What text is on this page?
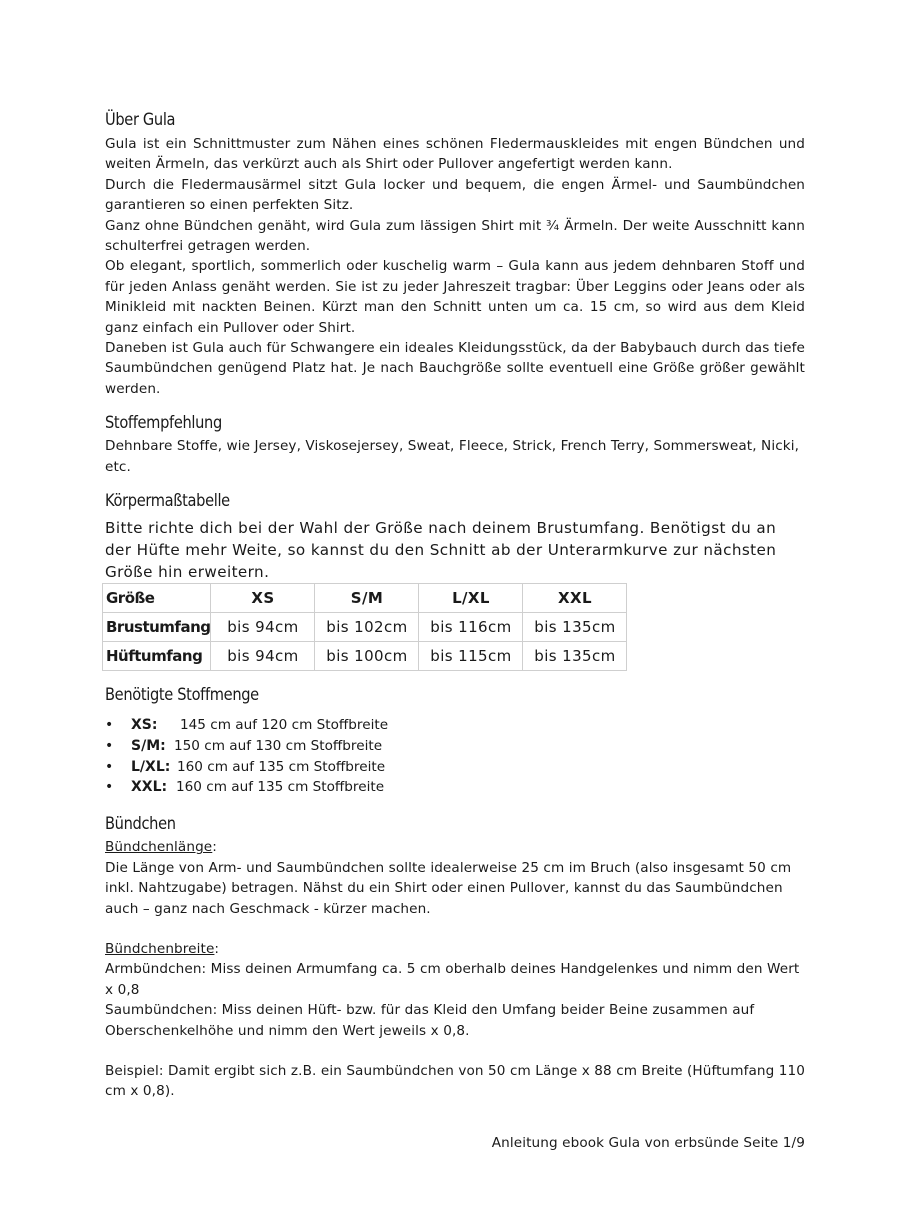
Über Gula

Gula ist ein Schnittmuster zum Nähen eines schönen Fledermauskleides mit engen Bündchen und weiten Ärmeln, das verkürzt auch als Shirt oder Pullover angefertigt werden kann.

Durch die Fledermausärmel sitzt Gula locker und bequem, die engen Ärmel- und Saumbündchen garantieren so einen perfekten Sitz.

Ganz ohne Bündchen genäht, wird Gula zum lässigen Shirt mit ¾ Ärmeln. Der weite Ausschnitt kann schulterfrei getragen werden.

Ob elegant, sportlich, sommerlich oder kuschelig warm – Gula kann aus jedem dehnbaren Stoff und für jeden Anlass genäht werden. Sie ist zu jeder Jahreszeit tragbar: Über Leggins oder Jeans oder als Minikleid mit nackten Beinen. Kürzt man den Schnitt unten um ca. 15 cm, so wird aus dem Kleid ganz einfach ein Pullover oder Shirt.

Daneben ist Gula auch für Schwangere ein ideales Kleidungsstück, da der Babybauch durch das tiefe Saumbündchen genügend Platz hat. Je nach Bauchgröße sollte eventuell eine Größe größer gewählt werden.

Stoffempfehlung

Dehnbare Stoffe, wie Jersey, Viskosejersey, Sweat, Fleece, Strick, French Terry, Sommersweat, Nicki, etc.

Körpermaßtabelle

Bitte richte dich bei der Wahl der Größe nach deinem Brustumfang. Benötigst du an der Hüfte mehr Weite, so kannst du den Schnitt ab der Unterarmkurve zur nächsten Größe hin erweitern.

Größe	XS	S/M	L/XL	XXL
Brustumfang	bis 94cm	bis 102cm	bis 116cm	bis 135cm
Hüftumfang	bis 94cm	bis 100cm	bis 115cm	bis 135cm
Benötigte Stoffmenge
•	XS:	145 cm auf 120 cm Stoffbreite
•	S/M: 150 cm auf 130 cm Stoffbreite
•	L/XL: 160 cm auf 135 cm Stoffbreite
•	XXL: 160 cm auf 135 cm Stoffbreite
Bündchen

Bündchenlänge:

Die Länge von Arm- und Saumbündchen sollte idealerweise 25 cm im Bruch (also insgesamt 50 cm inkl. Nahtzugabe) betragen. Nähst du ein Shirt oder einen Pullover, kannst du das Saumbündchen auch – ganz nach Geschmack - kürzer machen.

Bündchenbreite:

Armbündchen: Miss deinen Armumfang ca. 5 cm oberhalb deines Handgelenkes und nimm den Wert x 0,8

Saumbündchen: Miss deinen Hüft- bzw. für das Kleid den Umfang beider Beine zusammen auf Oberschenkelhöhe und nimm den Wert jeweils x 0,8.

Beispiel: Damit ergibt sich z.B. ein Saumbündchen von 50 cm Länge x 88 cm Breite (Hüftumfang 110 cm x 0,8).

Anleitung ebook Gula von erbsünde Seite 1/9
